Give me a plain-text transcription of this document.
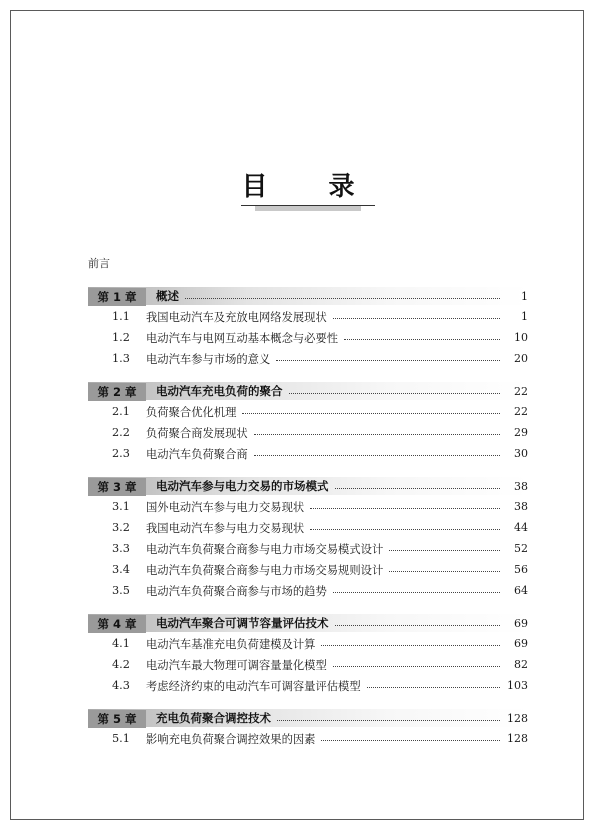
目 录
前言
第 1 章	概述	1
1.1	我国电动汽车及充放电网络发展现状	1
1.2	电动汽车与电网互动基本概念与必要性	10
1.3	电动汽车参与市场的意义	20
第 2 章	电动汽车充电负荷的聚合	22
2.1	负荷聚合优化机理	22
2.2	负荷聚合商发展现状	29
2.3	电动汽车负荷聚合商	30
第 3 章	电动汽车参与电力交易的市场模式	38
3.1	国外电动汽车参与电力交易现状	38
3.2	我国电动汽车参与电力交易现状	44
3.3	电动汽车负荷聚合商参与电力市场交易模式设计	52
3.4	电动汽车负荷聚合商参与电力市场交易规则设计	56
3.5	电动汽车负荷聚合商参与市场的趋势	64
第 4 章	电动汽车聚合可调节容量评估技术	69
4.1	电动汽车基准充电负荷建模及计算	69
4.2	电动汽车最大物理可调容量量化模型	82
4.3	考虑经济约束的电动汽车可调容量评估模型	103
第 5 章	充电负荷聚合调控技术	128
5.1	影响充电负荷聚合调控效果的因素	128
